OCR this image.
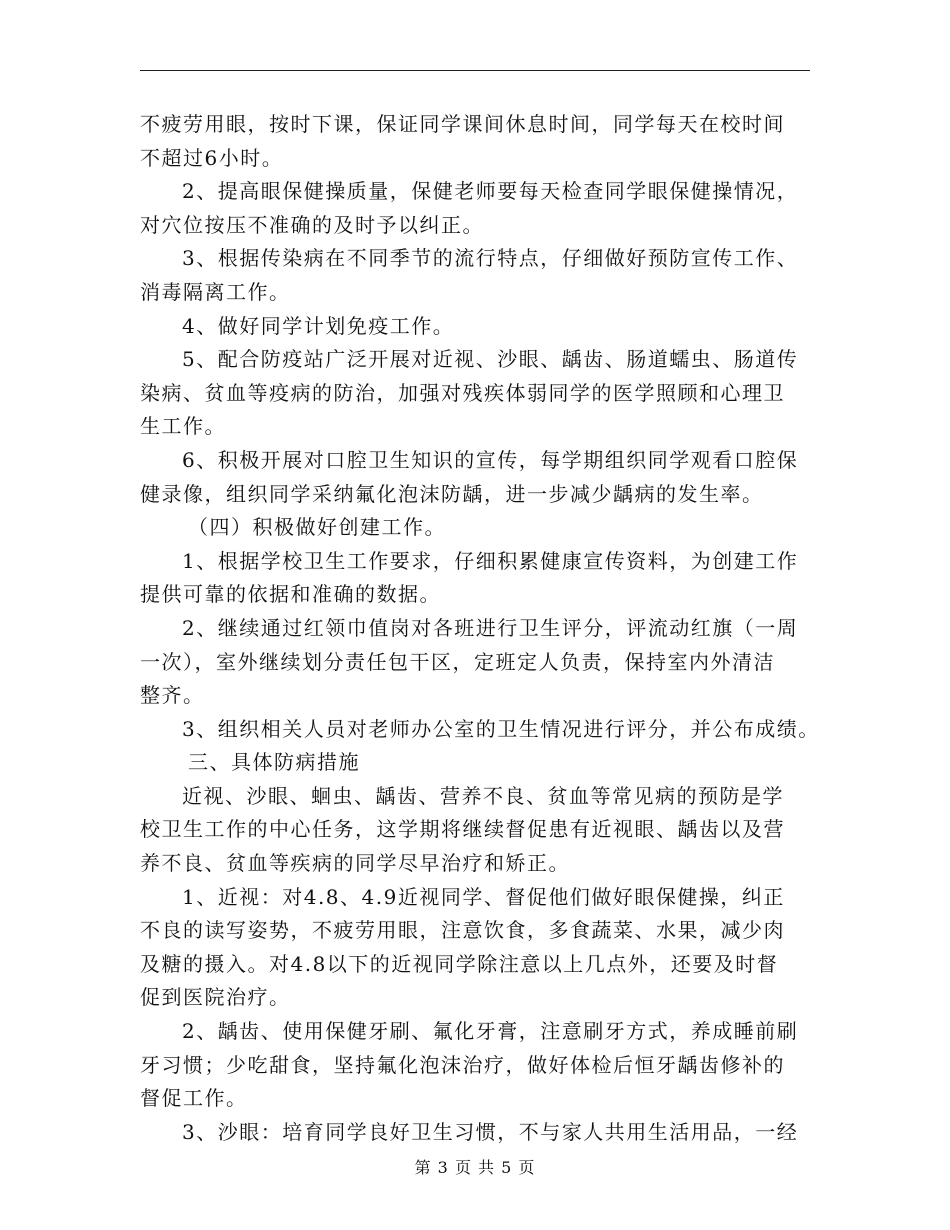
不疲劳用眼，按时下课，保证同学课间休息时间，同学每天在校时间
不超过6小时。
2、提高眼保健操质量，保健老师要每天检查同学眼保健操情况，
对穴位按压不准确的及时予以纠正。
3、根据传染病在不同季节的流行特点，仔细做好预防宣传工作、
消毒隔离工作。
4、做好同学计划免疫工作。
5、配合防疫站广泛开展对近视、沙眼、龋齿、肠道蠕虫、肠道传
染病、贫血等疫病的防治，加强对残疾体弱同学的医学照顾和心理卫
生工作。
6、积极开展对口腔卫生知识的宣传，每学期组织同学观看口腔保
健录像，组织同学采纳氟化泡沫防龋，进一步减少龋病的发生率。
（四）积极做好创建工作。
1、根据学校卫生工作要求，仔细积累健康宣传资料，为创建工作
提供可靠的依据和准确的数据。
2、继续通过红领巾值岗对各班进行卫生评分，评流动红旗（一周
一次），室外继续划分责任包干区，定班定人负责，保持室内外清洁
整齐。
3、组织相关人员对老师办公室的卫生情况进行评分，并公布成绩。
三、具体防病措施
近视、沙眼、蛔虫、龋齿、营养不良、贫血等常见病的预防是学
校卫生工作的中心任务，这学期将继续督促患有近视眼、龋齿以及营
养不良、贫血等疾病的同学尽早治疗和矫正。
1、近视：对4.8、4.9近视同学、督促他们做好眼保健操，纠正
不良的读写姿势，不疲劳用眼，注意饮食，多食蔬菜、水果，减少肉
及糖的摄入。对4.8以下的近视同学除注意以上几点外，还要及时督
促到医院治疗。
2、龋齿、使用保健牙刷、氟化牙膏，注意刷牙方式，养成睡前刷
牙习惯；少吃甜食，坚持氟化泡沫治疗，做好体检后恒牙龋齿修补的
督促工作。
3、沙眼：培育同学良好卫生习惯，不与家人共用生活用品，一经
第 3 页 共 5 页
